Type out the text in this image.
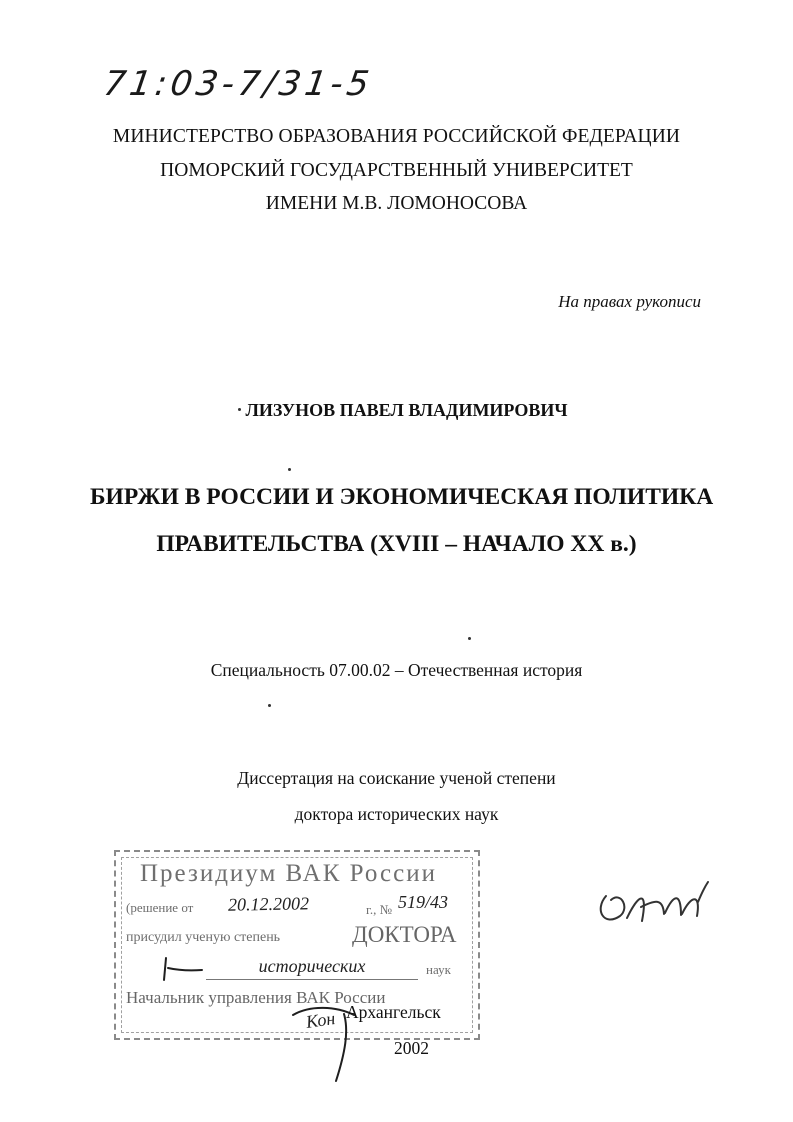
71:03-7/31-5
МИНИСТЕРСТВО ОБРАЗОВАНИЯ РОССИЙСКОЙ ФЕДЕРАЦИИ
ПОМОРСКИЙ ГОСУДАРСТВЕННЫЙ УНИВЕРСИТЕТ
ИМЕНИ М.В. ЛОМОНОСОВА
На правах рукописи
ЛИЗУНОВ ПАВЕЛ ВЛАДИМИРОВИЧ
БИРЖИ В РОССИИ И ЭКОНОМИЧЕСКАЯ ПОЛИТИКА
ПРАВИТЕЛЬСТВА (XVIII – НАЧАЛО XX в.)
Специальность 07.00.02 – Отечественная история
Диссертация на соискание ученой степени
доктора исторических наук
Президиум ВАК России
(решение от 20.12.2002	г., № 519/43
присудил ученую степень	ДОКТОРА
исторических	наук
Начальник управления ВАК России
Кон Архангельск
2002
